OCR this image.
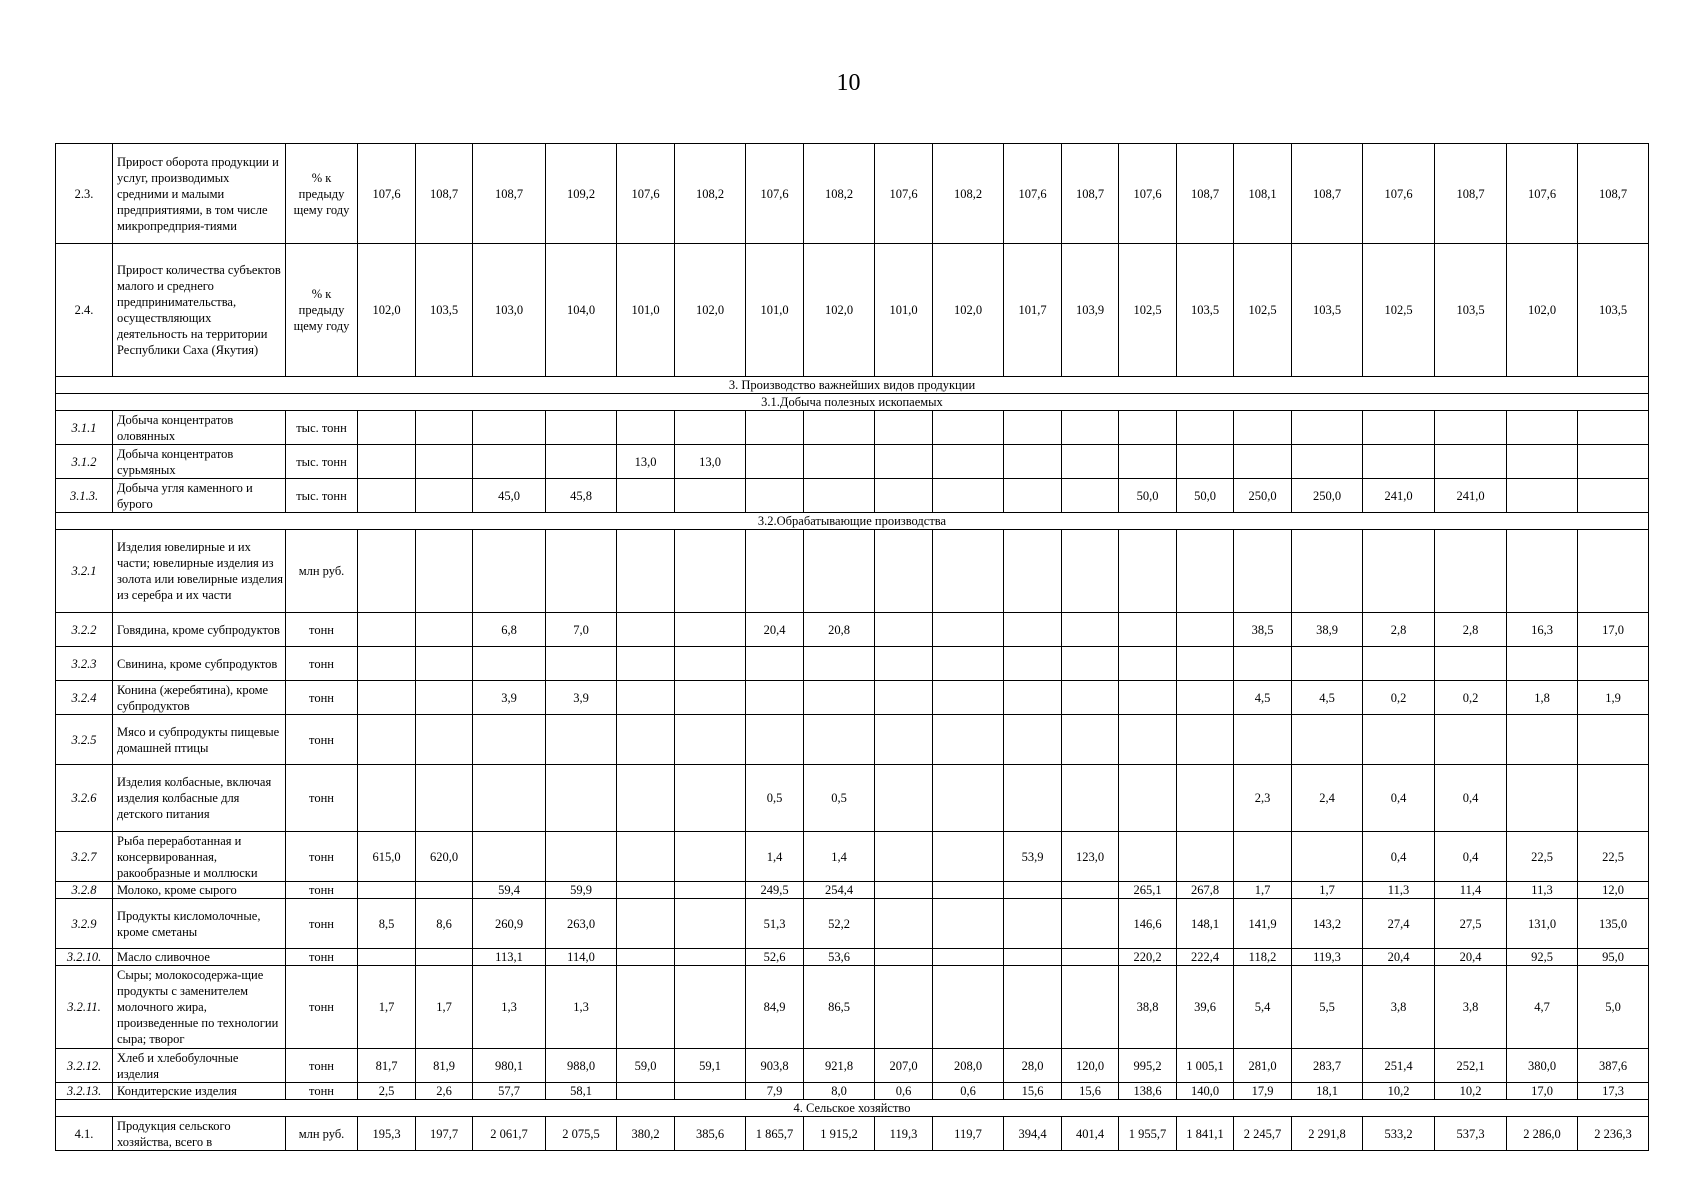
10
2.3.	Прирост оборота продукции и услуг, производимых средними и малыми предприятиями, в том числе микропредприя-тиями	% к предыду щему году	107,6	108,7	108,7	109,2	107,6	108,2	107,6	108,2	107,6	108,2	107,6	108,7	107,6	108,7	108,1	108,7	107,6	108,7	107,6	108,7
2.4.	Прирост количества субъектов малого и среднего предпринимательства, осуществляющих деятельность на территории Республики Саха (Якутия)	% к предыду щему году	102,0	103,5	103,0	104,0	101,0	102,0	101,0	102,0	101,0	102,0	101,7	103,9	102,5	103,5	102,5	103,5	102,5	103,5	102,0	103,5
3. Производство важнейших видов продукции																						
3.1.Добыча полезных ископаемых																						
3.1.1	Добыча концентратов оловянных	тыс. тонн																				
3.1.2	Добыча концентратов сурьмяных	тыс. тонн					13,0	13,0														
3.1.3.	Добыча угля каменного и бурого	тыс. тонн			45,0	45,8									50,0	50,0	250,0	250,0	241,0	241,0		
3.2.Обрабатывающие производства																						
3.2.1	Изделия ювелирные и их части; ювелирные изделия из золота или ювелирные изделия из серебра и их части	млн руб.																				
3.2.2	Говядина, кроме субпродуктов	тонн			6,8	7,0			20,4	20,8							38,5	38,9	2,8	2,8	16,3	17,0
3.2.3	Свинина, кроме субпродуктов	тонн																				
3.2.4	Конина (жеребятина), кроме субпродуктов	тонн			3,9	3,9											4,5	4,5	0,2	0,2	1,8	1,9
3.2.5	Мясо и субпродукты пищевые домашней птицы	тонн																				
3.2.6	Изделия колбасные, включая изделия колбасные для детского питания	тонн							0,5	0,5							2,3	2,4	0,4	0,4		
3.2.7	Рыба переработанная и консервированная, ракообразные и моллюски	тонн	615,0	620,0					1,4	1,4			53,9	123,0					0,4	0,4	22,5	22,5
3.2.8	Молоко, кроме сырого	тонн			59,4	59,9			249,5	254,4					265,1	267,8	1,7	1,7	11,3	11,4	11,3	12,0
3.2.9	Продукты кисломолочные, кроме сметаны	тонн	8,5	8,6	260,9	263,0			51,3	52,2					146,6	148,1	141,9	143,2	27,4	27,5	131,0	135,0
3.2.10.	Масло сливочное	тонн			113,1	114,0			52,6	53,6					220,2	222,4	118,2	119,3	20,4	20,4	92,5	95,0
3.2.11.	Сыры; молокосодержа-щие продукты с заменителем молочного жира, произведенные по технологии сыра; творог	тонн	1,7	1,7	1,3	1,3			84,9	86,5					38,8	39,6	5,4	5,5	3,8	3,8	4,7	5,0
3.2.12.	Хлеб и хлебобулочные изделия	тонн	81,7	81,9	980,1	988,0	59,0	59,1	903,8	921,8	207,0	208,0	28,0	120,0	995,2	1 005,1	281,0	283,7	251,4	252,1	380,0	387,6
3.2.13.	Кондитерские изделия	тонн	2,5	2,6	57,7	58,1			7,9	8,0	0,6	0,6	15,6	15,6	138,6	140,0	17,9	18,1	10,2	10,2	17,0	17,3
4. Сельское хозяйство																						
4.1.	Продукция сельского хозяйства, всего в	млн руб.	195,3	197,7	2 061,7	2 075,5	380,2	385,6	1 865,7	1 915,2	119,3	119,7	394,4	401,4	1 955,7	1 841,1	2 245,7	2 291,8	533,2	537,3	2 286,0	2 236,3
